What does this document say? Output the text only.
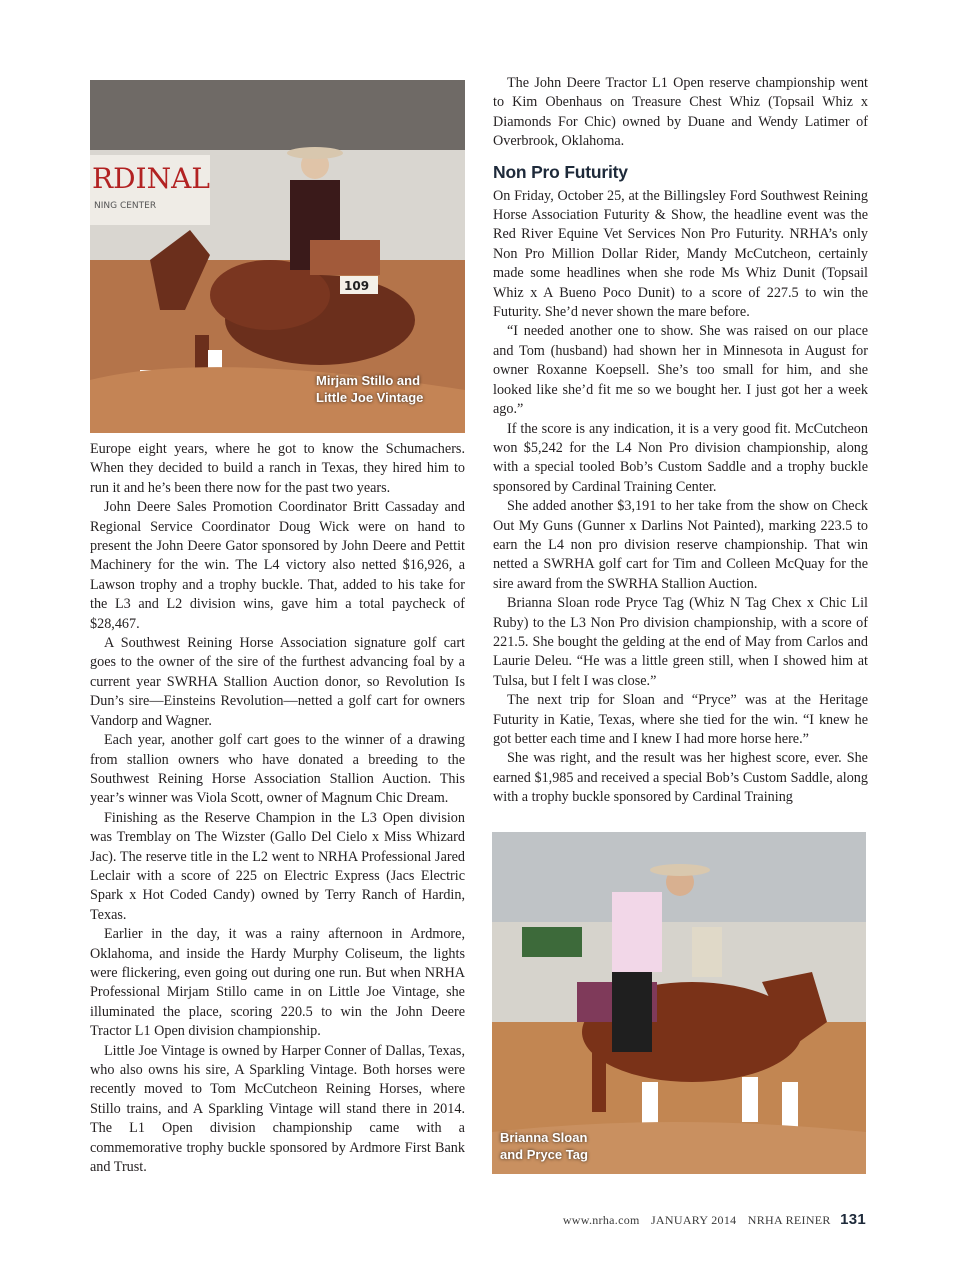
RDINAL
NING CENTER
109
Mirjam Stillo and
Little Joe Vintage

Europe eight years, where he got to know the Schumachers. When they decided to build a ranch in Texas, they hired him to run it and he’s been there now for the past two years.

John Deere Sales Promotion Coordinator Britt Cassaday and Regional Service Coordinator Doug Wick were on hand to present the John Deere Gator sponsored by John Deere and Pettit Machinery for the win. The L4 victory also netted $16,926, a Lawson trophy and a trophy buckle. That, added to his take for the L3 and L2 division wins, gave him a total paycheck of $28,467.

A Southwest Reining Horse Association signature golf cart goes to the owner of the sire of the furthest advancing foal by a current year SWRHA Stallion Auction donor, so Revolution Is Dun’s sire—Einsteins Revolution—netted a golf cart for owners Vandorp and Wagner.

Each year, another golf cart goes to the winner of a drawing from stallion owners who have donated a breeding to the Southwest Reining Horse Association Stallion Auction. This year’s winner was Viola Scott, owner of Magnum Chic Dream.

Finishing as the Reserve Champion in the L3 Open division was Tremblay on The Wizster (Gallo Del Cielo x Miss Whizard Jac). The reserve title in the L2 went to NRHA Professional Jared Leclair with a score of 225 on Electric Express (Jacs Electric Spark x Hot Coded Candy) owned by Terry Ranch of Hardin, Texas.

Earlier in the day, it was a rainy afternoon in Ardmore, Oklahoma, and inside the Hardy Murphy Coliseum, the lights were flickering, even going out during one run. But when NRHA Professional Mirjam Stillo came in on Little Joe Vintage, she illuminated the place, scoring 220.5 to win the John Deere Tractor L1 Open division championship.

Little Joe Vintage is owned by Harper Conner of Dallas, Texas, who also owns his sire, A Sparkling Vintage. Both horses were recently moved to Tom McCutcheon Reining Horses, where Stillo trains, and A Sparkling Vintage will stand there in 2014. The L1 Open division championship came with a commemorative trophy buckle sponsored by Ardmore First Bank and Trust.

The John Deere Tractor L1 Open reserve championship went to Kim Obenhaus on Treasure Chest Whiz (Topsail Whiz x Diamonds For Chic) owned by Duane and Wendy Latimer of Overbrook, Oklahoma.

Non Pro Futurity

On Friday, October 25, at the Billingsley Ford Southwest Reining Horse Association Futurity & Show, the headline event was the Red River Equine Vet Services Non Pro Futurity. NRHA’s only Non Pro Million Dollar Rider, Mandy McCutcheon, certainly made some headlines when she rode Ms Whiz Dunit (Topsail Whiz x A Bueno Poco Dunit) to a score of 227.5 to win the Futurity. She’d never shown the mare before.

“I needed another one to show. She was raised on our place and Tom (husband) had shown her in Minnesota in August for owner Roxanne Koepsell. She’s too small for him, and she looked like she’d fit me so we bought her. I just got her a week ago.”

If the score is any indication, it is a very good fit. McCutcheon won $5,242 for the L4 Non Pro division championship, along with a special tooled Bob’s Custom Saddle and a trophy buckle sponsored by Cardinal Training Center.

She added another $3,191 to her take from the show on Check Out My Guns (Gunner x Darlins Not Painted), marking 223.5 to earn the L4 non pro division reserve championship. That win netted a SWRHA golf cart for Tim and Colleen McQuay for the sire award from the SWRHA Stallion Auction.

Brianna Sloan rode Pryce Tag (Whiz N Tag Chex x Chic Lil Ruby) to the L3 Non Pro division championship, with a score of 221.5. She bought the gelding at the end of May from Carlos and Laurie Deleu. “He was a little green still, when I showed him at Tulsa, but I felt I was close.”

The next trip for Sloan and “Pryce” was at the Heritage Futurity in Katie, Texas, where she tied for the win. “I knew he got better each time and I knew I had more horse here.”

She was right, and the result was her highest score, ever. She earned $1,985 and received a special Bob’s Custom Saddle, along with a trophy buckle sponsored by Cardinal Training

Brianna Sloan
and Pryce Tag
www.nrha.com JANUARY 2014 NRHA REINER 131
